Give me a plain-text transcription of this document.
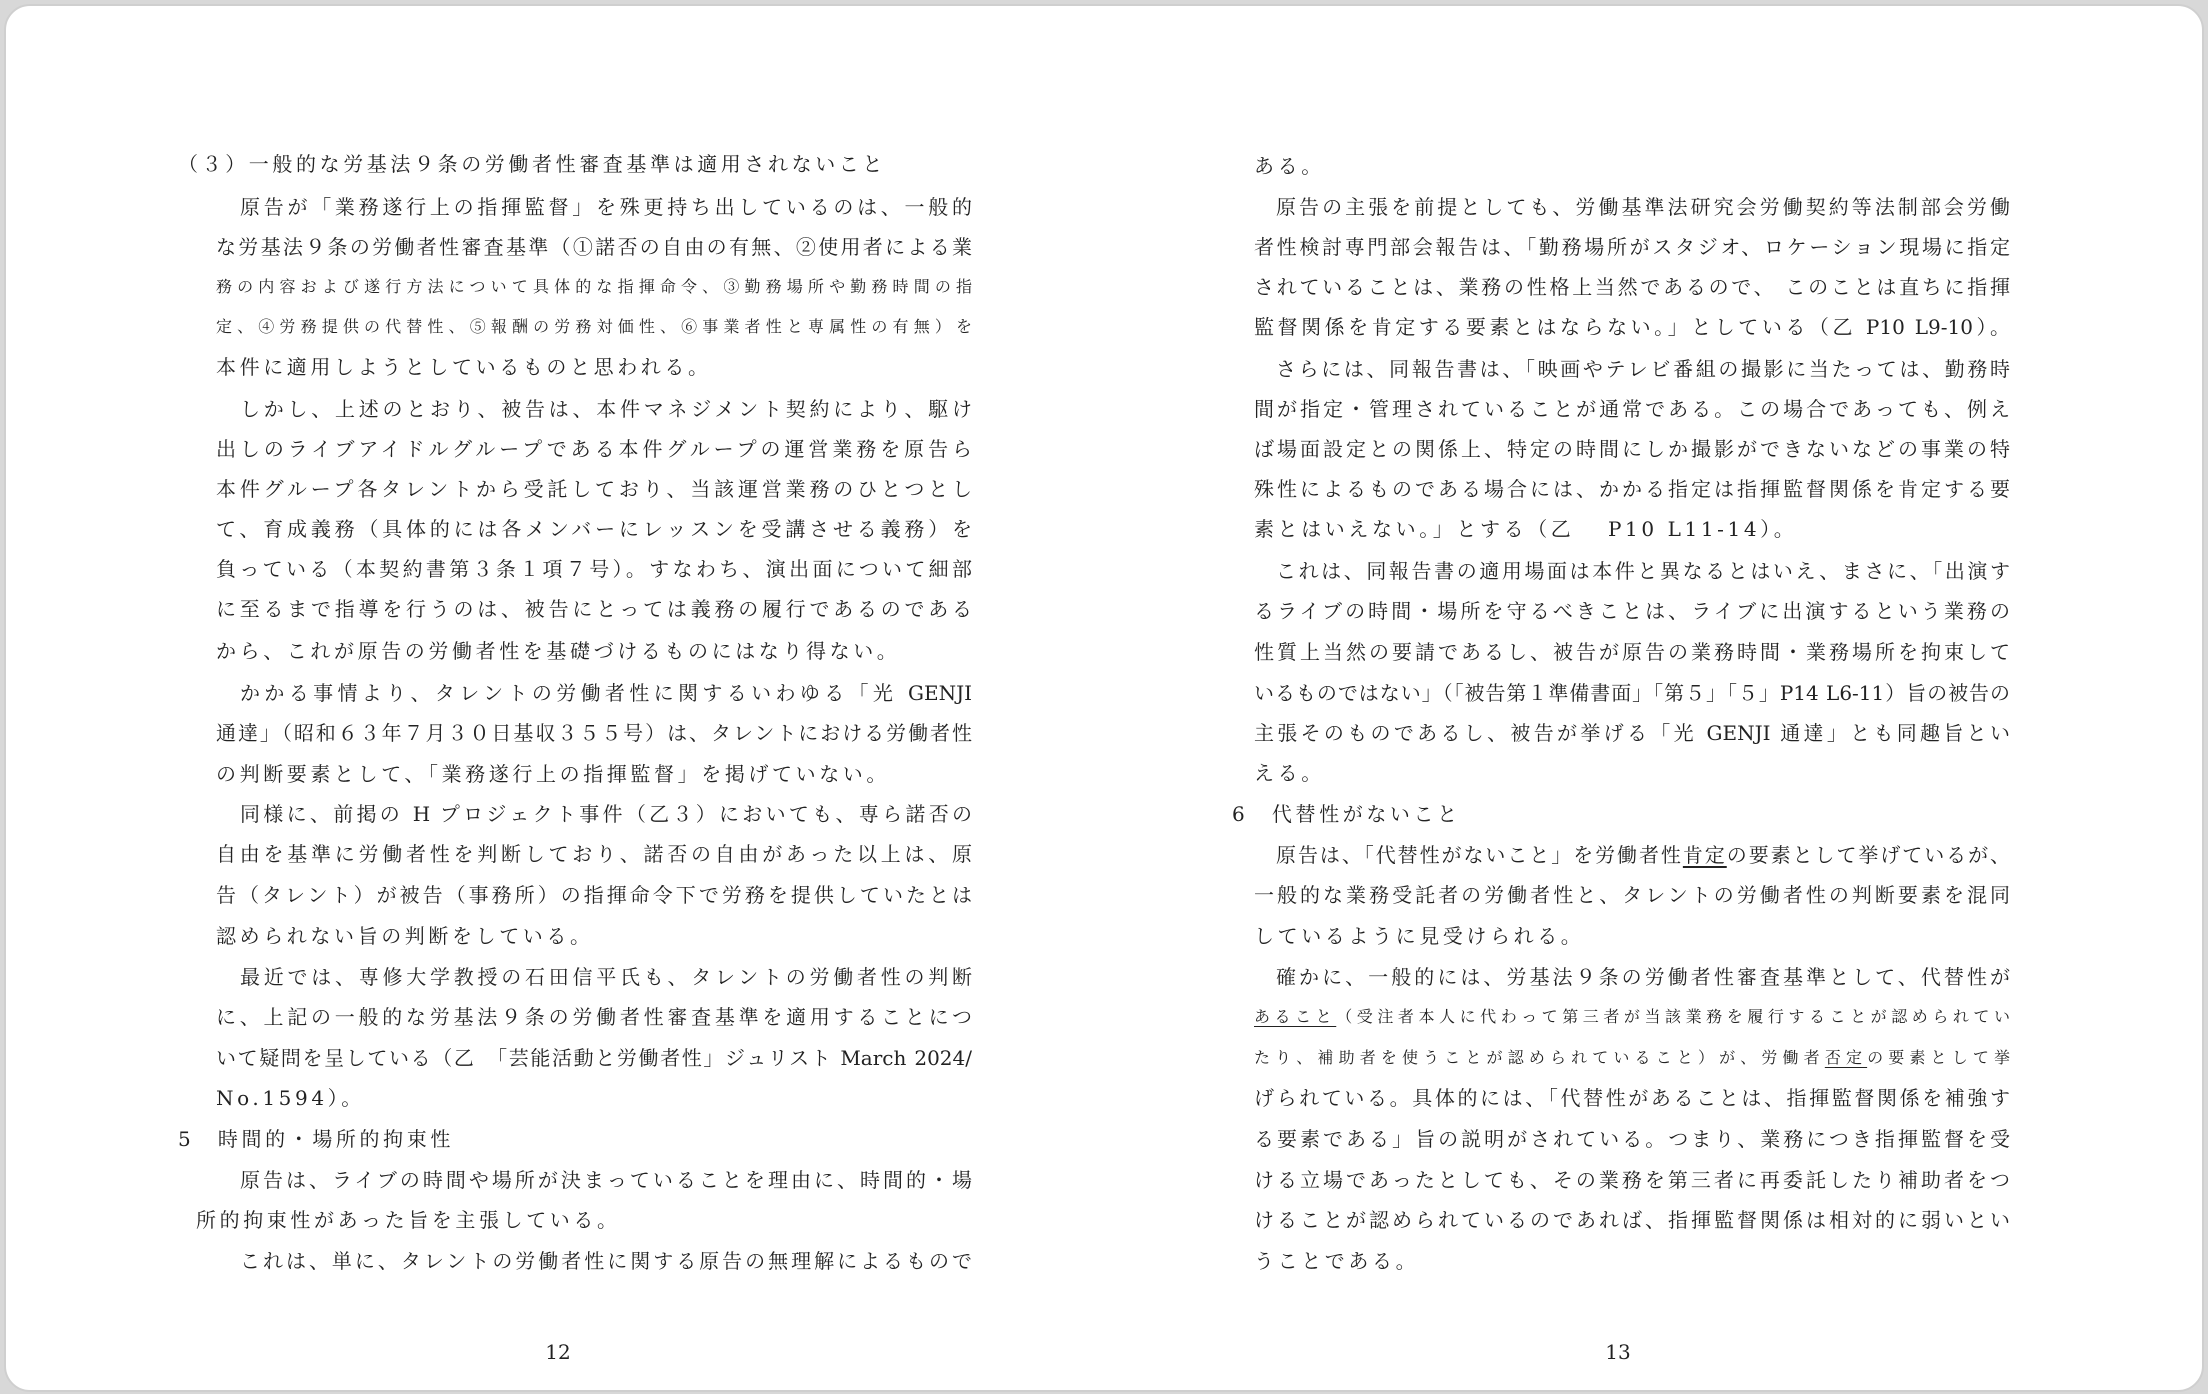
（３）一般的な労基法９条の労働者性審査基準は適用されないこと
原告が「業務遂行上の指揮監督」を殊更持ち出しているのは、一般的
な労基法９条の労働者性審査基準（①諾否の自由の有無、②使用者による業
務の内容および遂行方法について具体的な指揮命令、③勤務場所や勤務時間の指
定、④労務提供の代替性、⑤報酬の労務対価性、⑥事業者性と専属性の有無）を
本件に適用しようとしているものと思われる。
しかし、上述のとおり、被告は、本件マネジメント契約により、駆け
出しのライブアイドルグループである本件グループの運営業務を原告ら
本件グループ各タレントから受託しており、当該運営業務のひとつとし
て、育成義務（具体的には各メンバーにレッスンを受講させる義務）を
負っている（本契約書第３条１項７号）。すなわち、演出面について細部
に至るまで指導を行うのは、被告にとっては義務の履行であるのである
から、これが原告の労働者性を基礎づけるものにはなり得ない。
かかる事情より、タレントの労働者性に関するいわゆる「光 GENJI
通達」（昭和６３年７月３０日基収３５５号）は、タレントにおける労働者性
の判断要素として、「業務遂行上の指揮監督」を掲げていない。
同様に、前掲の H プロジェクト事件（乙３）においても、専ら諾否の
自由を基準に労働者性を判断しており、諾否の自由があった以上は、原
告（タレント）が被告（事務所）の指揮命令下で労務を提供していたとは
認められない旨の判断をしている。
最近では、専修大学教授の石田信平氏も、タレントの労働者性の判断
に、上記の一般的な労基法９条の労働者性審査基準を適用することにつ
いて疑問を呈している（乙　「芸能活動と労働者性」ジュリスト March 2024/
No.1594）。
5　時間的・場所的拘束性
原告は、ライブの時間や場所が決まっていることを理由に、時間的・場
所的拘束性があった旨を主張している。
これは、単に、タレントの労働者性に関する原告の無理解によるもので
12
ある。
原告の主張を前提としても、労働基準法研究会労働契約等法制部会労働
者性検討専門部会報告は、「勤務場所がスタジオ、ロケーション現場に指定
されていることは、業務の性格上当然であるので、 このことは直ちに指揮
監督関係を肯定する要素とはならない。」としている（乙 P10 L9-10）。
さらには、同報告書は、「映画やテレビ番組の撮影に当たっては、勤務時
間が指定・管理されていることが通常である。この場合であっても、例え
ば場面設定との関係上、特定の時間にしか撮影ができないなどの事業の特
殊性によるものである場合には、かかる指定は指揮監督関係を肯定する要
素とはいえない。」とする（乙　 P10 L11-14）。
これは、同報告書の適用場面は本件と異なるとはいえ、まさに、「出演す
るライブの時間・場所を守るべきことは、ライブに出演するという業務の
性質上当然の要請であるし、被告が原告の業務時間・業務場所を拘束して
いるものではない」（「被告第１準備書面」「第５」「５」P14 L6-11）旨の被告の
主張そのものであるし、被告が挙げる「光 GENJI 通達」とも同趣旨とい
える。
6　代替性がないこと
原告は、「代替性がないこと」を労働者性肯定の要素として挙げているが、
一般的な業務受託者の労働者性と、タレントの労働者性の判断要素を混同
しているように見受けられる。
確かに、一般的には、労基法９条の労働者性審査基準として、代替性が
あること（受注者本人に代わって第三者が当該業務を履行することが認められてい
たり、補助者を使うことが認められていること）が、労働者否定の要素として挙
げられている。具体的には、「代替性があることは、指揮監督関係を補強す
る要素である」旨の説明がされている。つまり、業務につき指揮監督を受
ける立場であったとしても、その業務を第三者に再委託したり補助者をつ
けることが認められているのであれば、指揮監督関係は相対的に弱いとい
うことである。
13
